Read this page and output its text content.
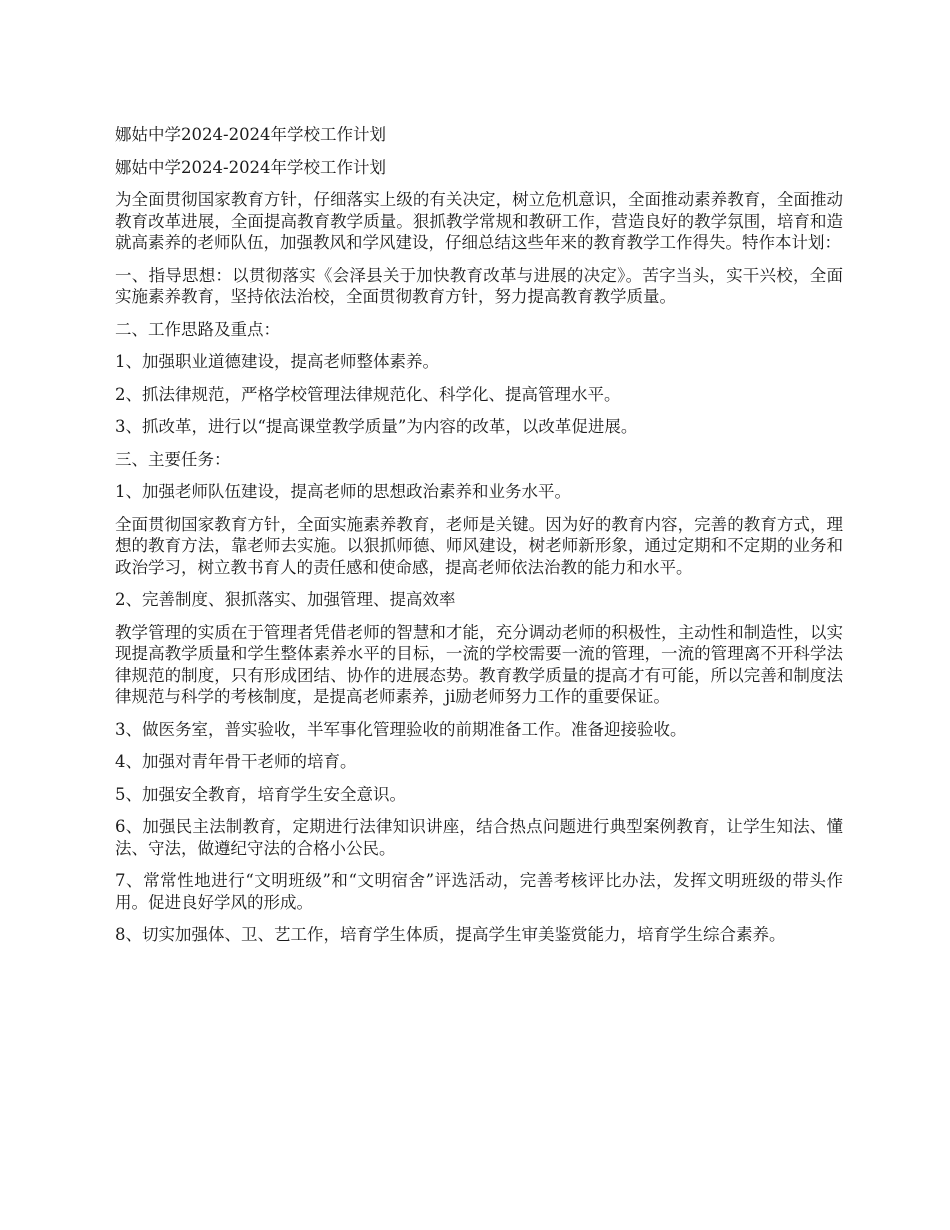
娜姑中学2024-2024年学校工作计划
娜姑中学2024-2024年学校工作计划
为全面贯彻国家教育方针，仔细落实上级的有关决定，树立危机意识，全面推动素养教育，全面推动教育改革进展，全面提高教育教学质量。狠抓教学常规和教研工作，营造良好的教学氛围，培育和造就高素养的老师队伍，加强教风和学风建设，仔细总结这些年来的教育教学工作得失。特作本计划：
一、指导思想：以贯彻落实《会泽县关于加快教育改革与进展的决定》。苦字当头，实干兴校，全面实施素养教育，坚持依法治校，全面贯彻教育方针，努力提高教育教学质量。
二、工作思路及重点：
1、加强职业道德建设，提高老师整体素养。
2、抓法律规范，严格学校管理法律规范化、科学化、提高管理水平。
3、抓改革，进行以“提高课堂教学质量”为内容的改革，以改革促进展。
三、主要任务：
1、加强老师队伍建设，提高老师的思想政治素养和业务水平。
全面贯彻国家教育方针，全面实施素养教育，老师是关键。因为好的教育内容，完善的教育方式，理想的教育方法，靠老师去实施。以狠抓师德、师风建设，树老师新形象，通过定期和不定期的业务和政治学习，树立教书育人的责任感和使命感，提高老师依法治教的能力和水平。
2、完善制度、狠抓落实、加强管理、提高效率
教学管理的实质在于管理者凭借老师的智慧和才能，充分调动老师的积极性，主动性和制造性，以实现提高教学质量和学生整体素养水平的目标，一流的学校需要一流的管理，一流的管理离不开科学法律规范的制度，只有形成团结、协作的进展态势。教育教学质量的提高才有可能，所以完善和制度法律规范与科学的考核制度，是提高老师素养，ji励老师努力工作的重要保证。
3、做医务室，普实验收，半军事化管理验收的前期准备工作。准备迎接验收。
4、加强对青年骨干老师的培育。
5、加强安全教育，培育学生安全意识。
6、加强民主法制教育，定期进行法律知识讲座，结合热点问题进行典型案例教育，让学生知法、懂法、守法，做遵纪守法的合格小公民。
7、常常性地进行“文明班级”和“文明宿舍”评选活动，完善考核评比办法，发挥文明班级的带头作用。促进良好学风的形成。
8、切实加强体、卫、艺工作，培育学生体质，提高学生审美鉴赏能力，培育学生综合素养。
